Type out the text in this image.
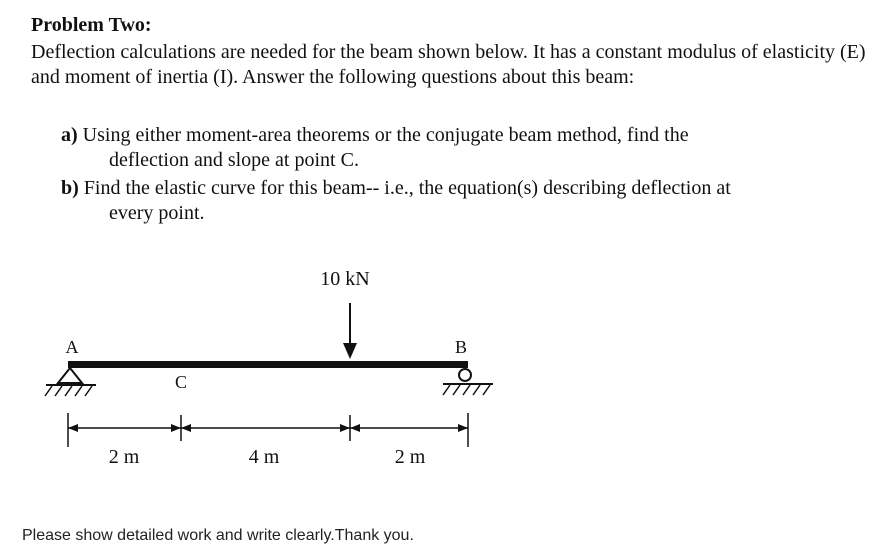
Problem Two:
Deflection calculations are needed for the beam shown below. It has a constant modulus of elasticity (E) and moment of inertia (I). Answer the following questions about this beam:
a) Using either moment-area theorems or the conjugate beam method, find the
deflection and slope at point C.
b) Find the elastic curve for this beam-- i.e., the equation(s) describing deflection at
every point.
10 kN
A	B
C
2 m	4 m	2 m
Please show detailed work and write clearly.Thank you.
